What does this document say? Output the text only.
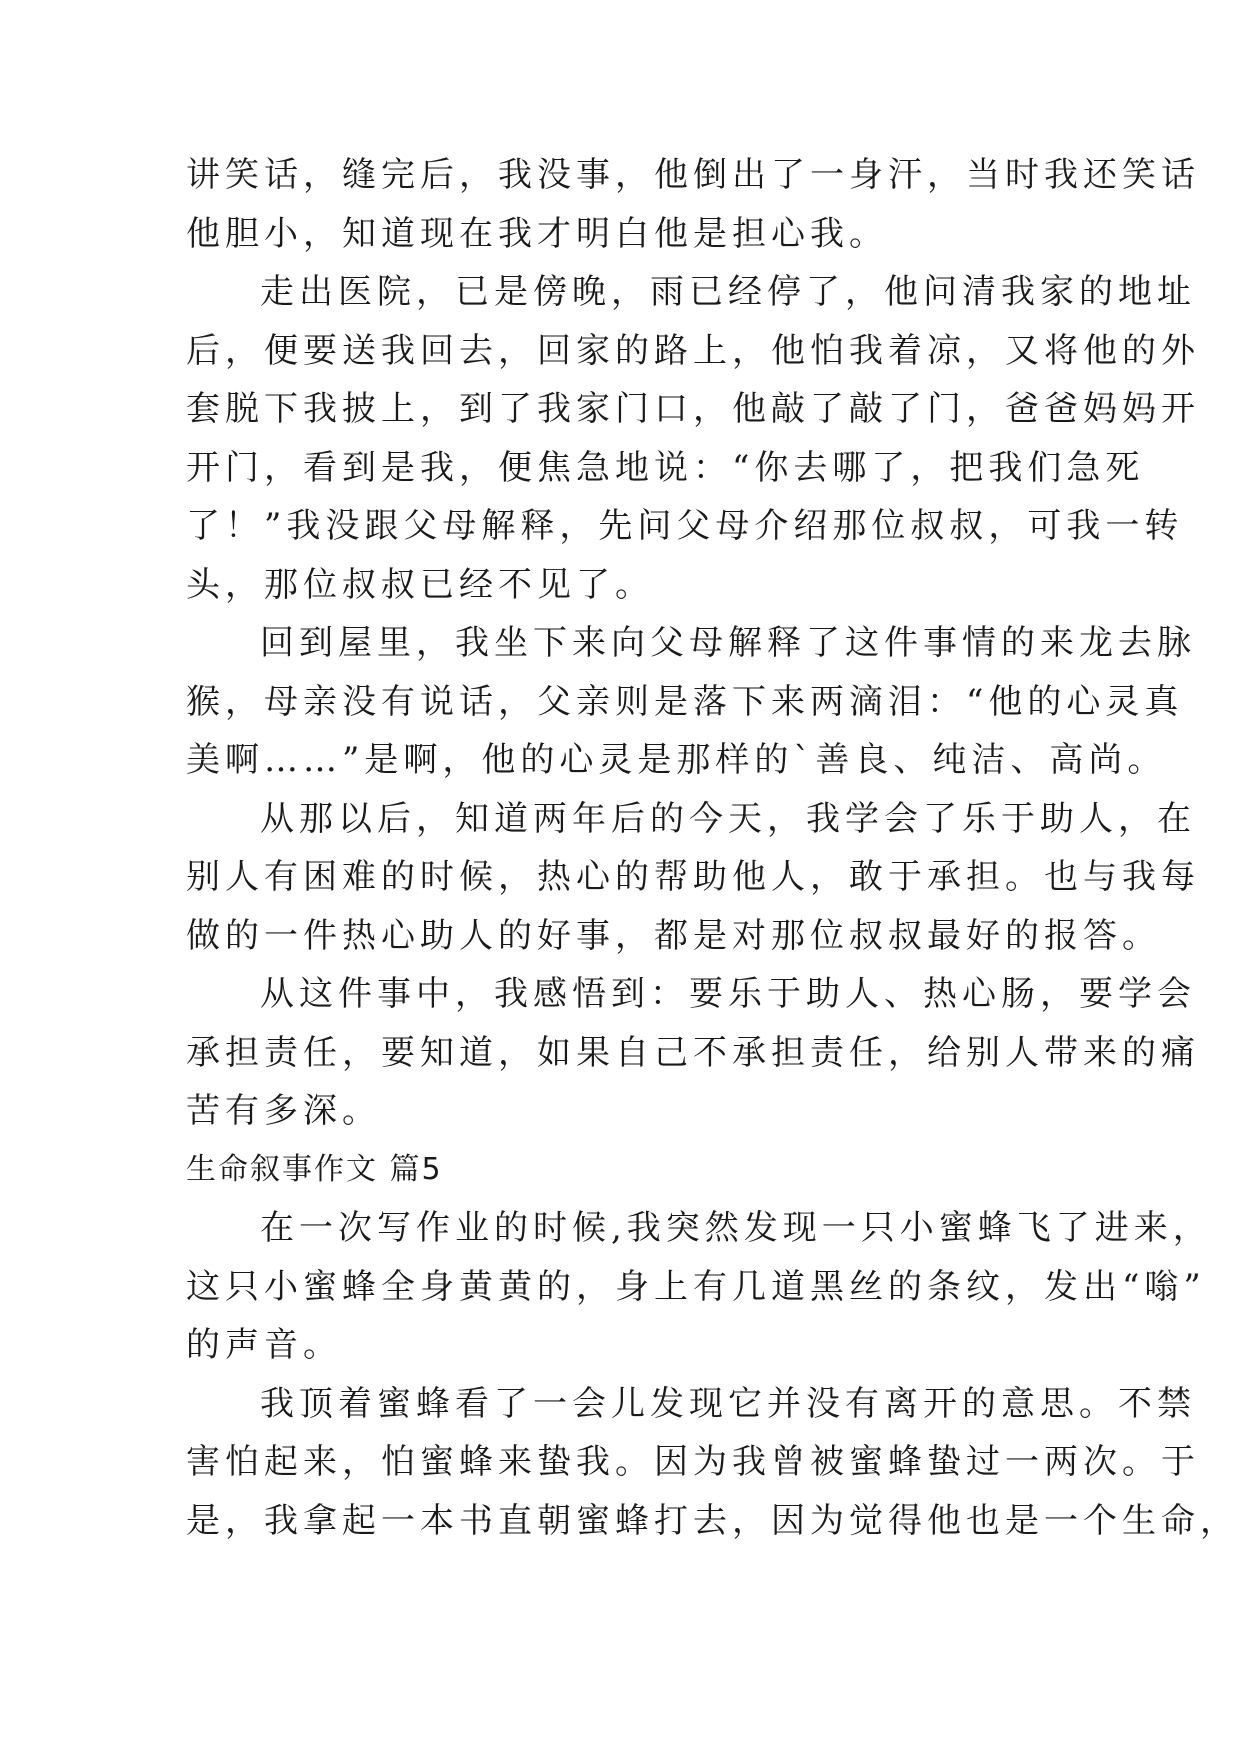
讲笑话，缝完后，我没事，他倒出了一身汗，当时我还笑话
他胆小，知道现在我才明白他是担心我。
走出医院，已是傍晚，雨已经停了，他问清我家的地址
后，便要送我回去，回家的路上，他怕我着凉，又将他的外
套脱下我披上，到了我家门口，他敲了敲了门，爸爸妈妈开
开门，看到是我，便焦急地说：“你去哪了，把我们急死
了！”我没跟父母解释，先问父母介绍那位叔叔，可我一转
头，那位叔叔已经不见了。
回到屋里，我坐下来向父母解释了这件事情的来龙去脉
猴，母亲没有说话，父亲则是落下来两滴泪：“他的心灵真
美啊……”是啊，他的心灵是那样的`善良、纯洁、高尚。
从那以后，知道两年后的今天，我学会了乐于助人，在
别人有困难的时候，热心的帮助他人，敢于承担。也与我每
做的一件热心助人的好事，都是对那位叔叔最好的报答。
从这件事中，我感悟到：要乐于助人、热心肠，要学会
承担责任，要知道，如果自己不承担责任，给别人带来的痛
苦有多深。
生命叙事作文 篇5
在一次写作业的时候,我突然发现一只小蜜蜂飞了进来，
这只小蜜蜂全身黄黄的，身上有几道黑丝的条纹，发出“嗡”
的声音。
我顶着蜜蜂看了一会儿发现它并没有离开的意思。不禁
害怕起来，怕蜜蜂来蛰我。因为我曾被蜜蜂蛰过一两次。于
是，我拿起一本书直朝蜜蜂打去，因为觉得他也是一个生命，
